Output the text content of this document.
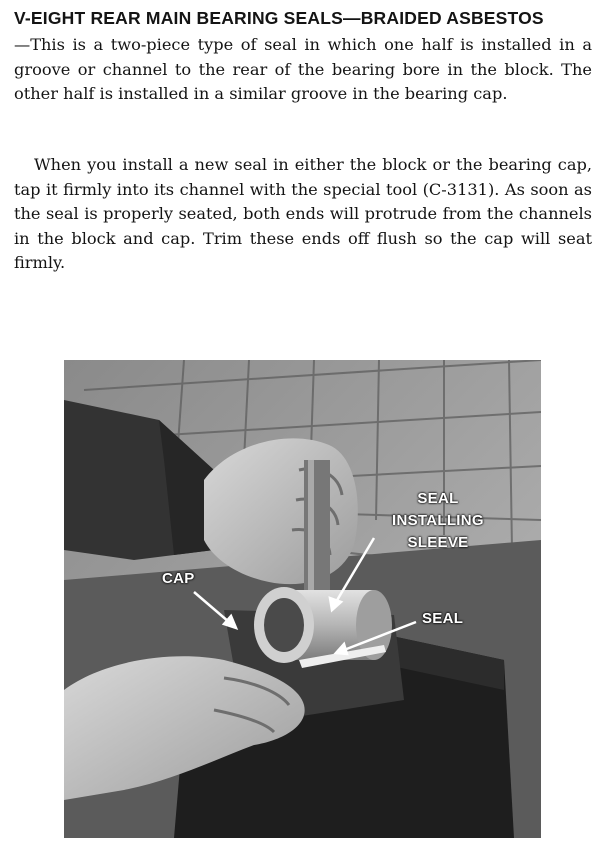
V-EIGHT REAR MAIN BEARING SEALS—BRAIDED ASBESTOS

—This is a two-piece type of seal in which one half is installed in a groove or channel to the rear of the bearing bore in the block. The other half is installed in a similar groove in the bearing cap.

When you install a new seal in either the block or the bearing cap, tap it firmly into its channel with the special tool (C-3131). As soon as the seal is properly seated, both ends will protrude from the channels in the block and cap. Trim these ends off flush so the cap will seat firmly.

SEAL
INSTALLING
SLEEVE
CAP
SEAL
